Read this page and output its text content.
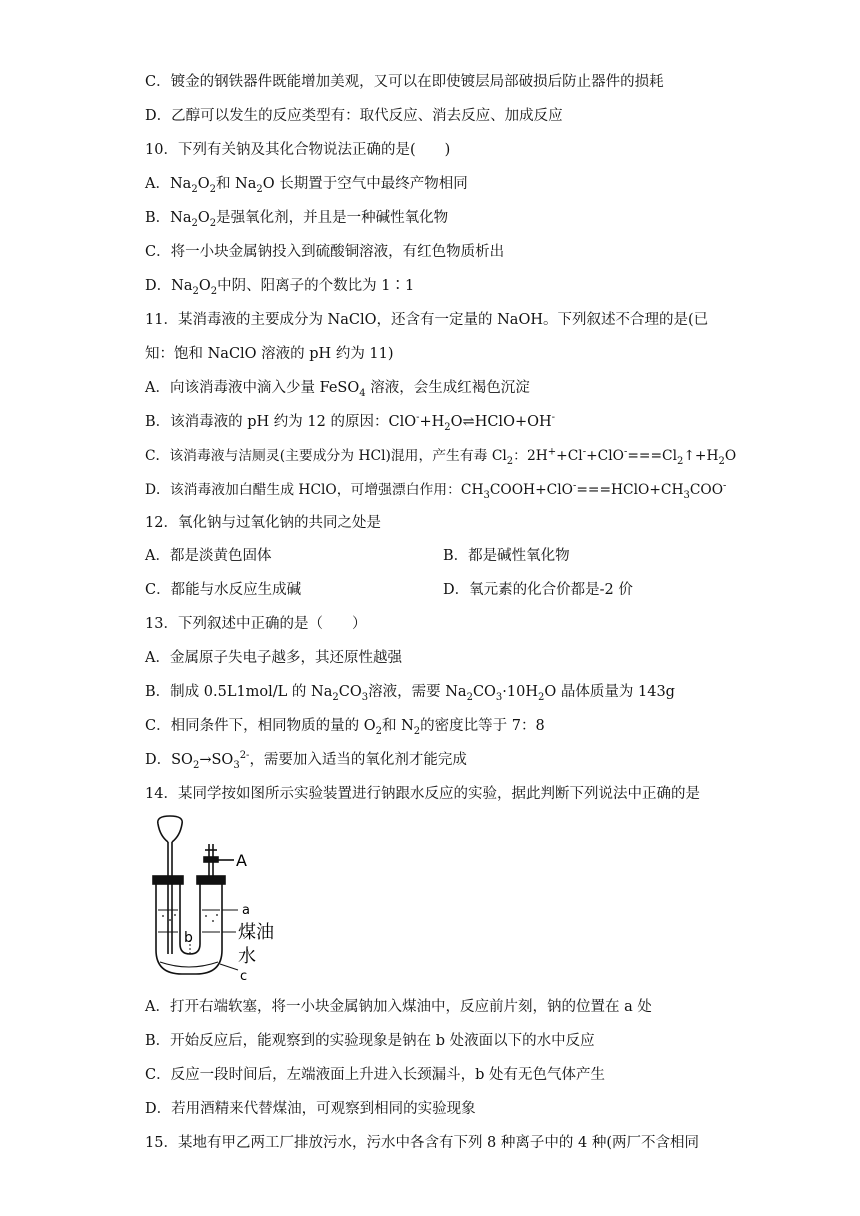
C．镀金的钢铁器件既能增加美观，又可以在即使镀层局部破损后防止器件的损耗
D．乙醇可以发生的反应类型有：取代反应、消去反应、加成反应
10．下列有关钠及其化合物说法正确的是(　　)
A．$Na_2O_2$和 $Na_2O$ 长期置于空气中最终产物相同
B．$Na_2O_2$是强氧化剂，并且是一种碱性氧化物
C．将一小块金属钠投入到硫酸铜溶液，有红色物质析出
D．$Na_2O_2$中阴、阳离子的个数比为 1∶1
11．某消毒液的主要成分为 NaClO，还含有一定量的 NaOH。下列叙述不合理的是(已
知：饱和 NaClO 溶液的 pH 约为 11)
A．向该消毒液中滴入少量 FeSO$_4$ 溶液，会生成红褐色沉淀
B．该消毒液的 pH 约为 12 的原因：$ClO^-+H_2O\rightleftharpoons HClO+OH^-$
C．该消毒液与洁厕灵(主要成分为 HCl)混用，产生有毒 $Cl_2$：$2H^++Cl^-+ClO^-===Cl_2↑+H_2O$
D．该消毒液加白醋生成 HClO，可增强漂白作用：$CH_3COOH+ClO^-===HClO+CH_3COO^-$
12．氧化钠与过氧化钠的共同之处是
A．都是淡黄色固体	B．都是碱性氧化物
C．都能与水反应生成碱	D．氧元素的化合价都是-2 价
13．下列叙述中正确的是（　　）
A．金属原子失电子越多，其还原性越强
B．制成 0.5L1mol/L 的 $Na_2CO_3$溶液，需要 $Na_2CO_3\cdot 10H_2O$ 晶体质量为 143g
C．相同条件下，相同物质的量的 $O_2$和 $N_2$的密度比等于 7：8
D．$SO_2\to SO_3^{2-}$，需要加入适当的氧化剂才能完成
14．某同学按如图所示实验装置进行钠跟水反应的实验，据此判断下列说法中正确的是
A
a
b	煤油
水
c
A．打开右端软塞，将一小块金属钠加入煤油中，反应前片刻，钠的位置在 a 处
B．开始反应后，能观察到的实验现象是钠在 b 处液面以下的水中反应
C．反应一段时间后，左端液面上升进入长颈漏斗，b 处有无色气体产生
D．若用酒精来代替煤油，可观察到相同的实验现象
15．某地有甲乙两工厂排放污水，污水中各含有下列 8 种离子中的 4 种(两厂不含相同
